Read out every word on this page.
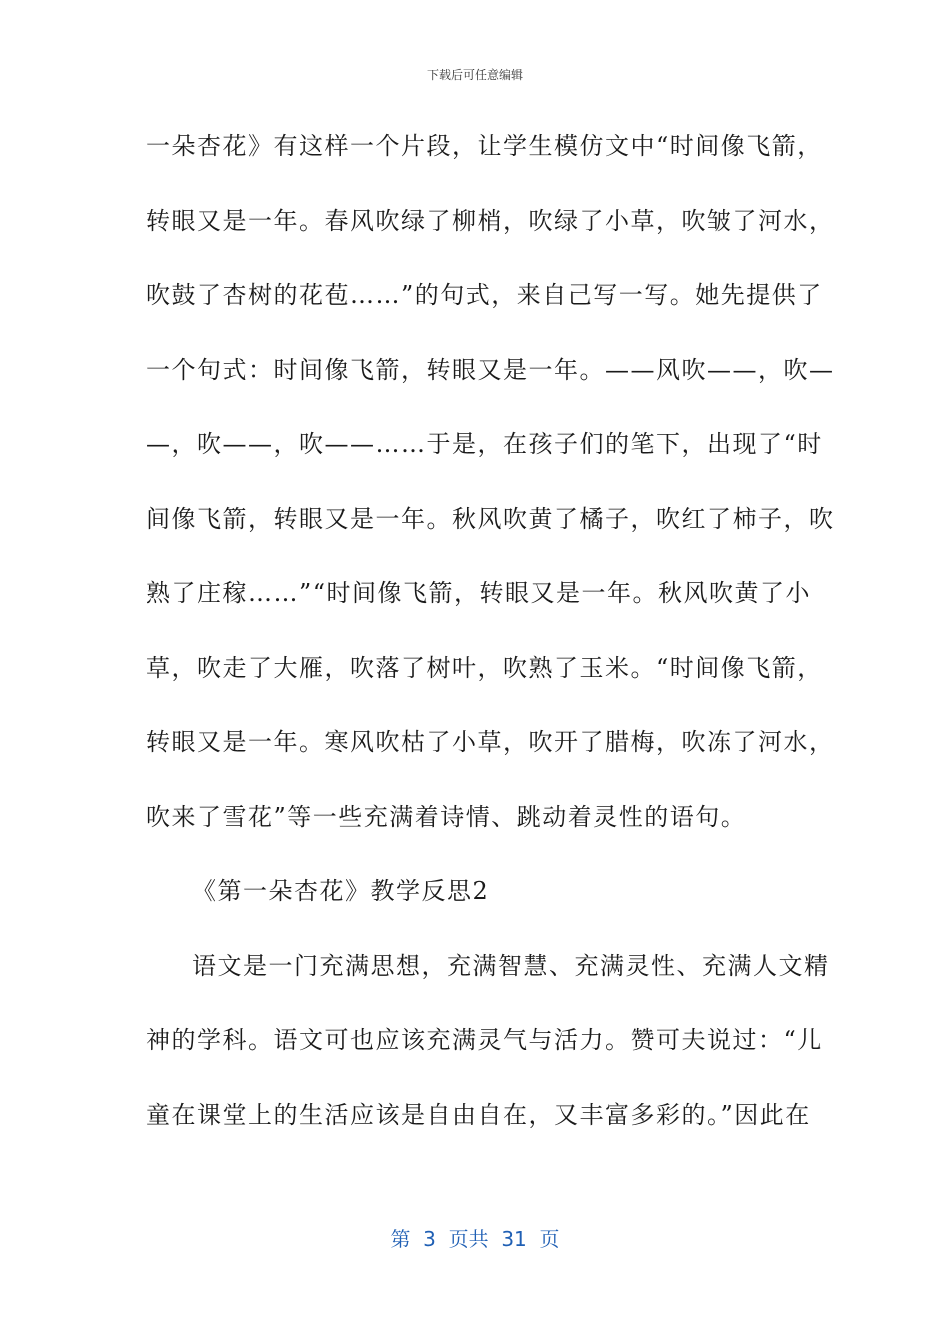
下载后可任意编辑
一朵杏花》有这样一个片段，让学生模仿文中“时间像飞箭，
转眼又是一年。春风吹绿了柳梢，吹绿了小草，吹皱了河水，
吹鼓了杏树的花苞……”的句式，来自己写一写。她先提供了
一个句式：时间像飞箭，转眼又是一年。——风吹——，吹—
—，吹——，吹——……于是，在孩子们的笔下，出现了“时
间像飞箭，转眼又是一年。秋风吹黄了橘子，吹红了柿子，吹
熟了庄稼……”“时间像飞箭，转眼又是一年。秋风吹黄了小
草，吹走了大雁，吹落了树叶，吹熟了玉米。“时间像飞箭，
转眼又是一年。寒风吹枯了小草，吹开了腊梅，吹冻了河水，
吹来了雪花”等一些充满着诗情、跳动着灵性的语句。
《第一朵杏花》教学反思2
语文是一门充满思想，充满智慧、充满灵性、充满人文精
神的学科。语文可也应该充满灵气与活力。赞可夫说过：“儿
童在课堂上的生活应该是自由自在，又丰富多彩的。”因此在
第  3  页共  31  页
